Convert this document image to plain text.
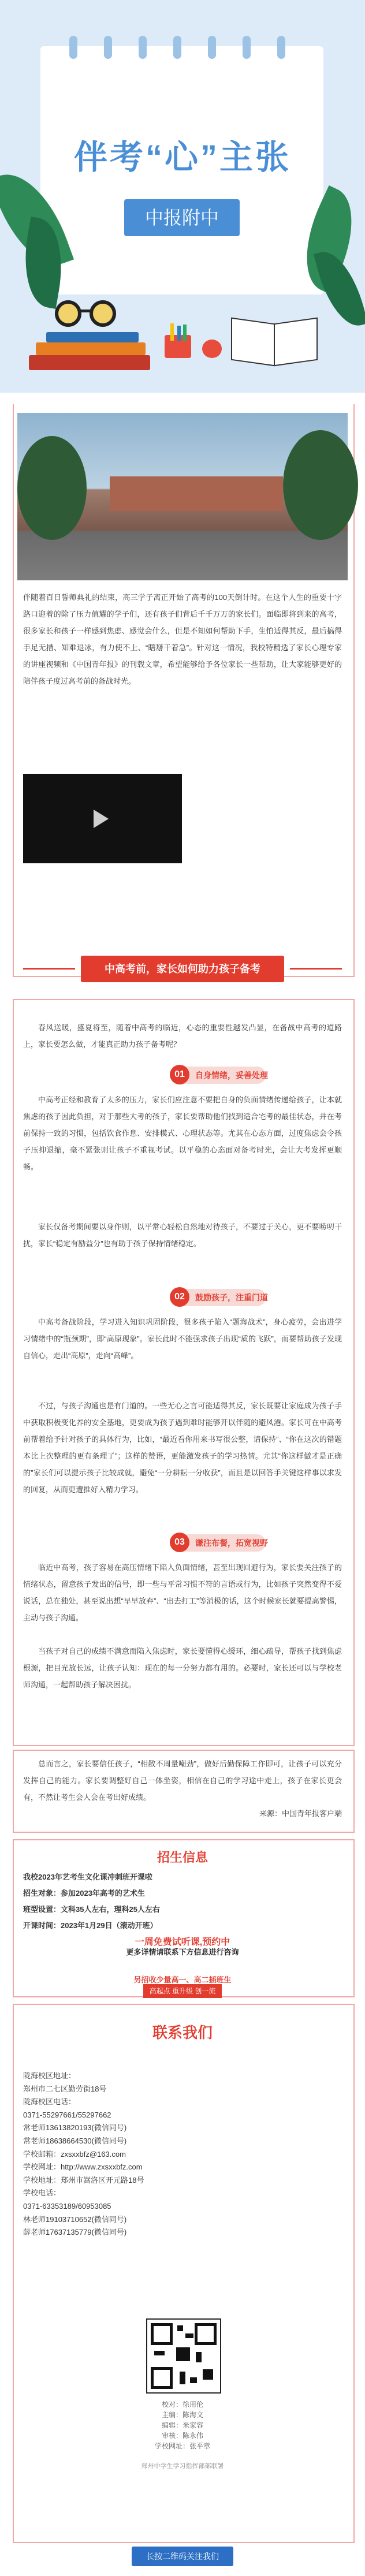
伴考“心”主张
中报附中

伴随着百日誓师典礼的结束，高三学子离正开始了高考的100天倒计时。在这个人生的重要十字路口迎着的除了压力值耀的学子们，还有孩子们背后千千万万的家长们。面临即将到来的高考，很多家长和孩子一样感到焦虑、感觉会什么，但是不知如何帮助下手，生怕适得其反，最后搞得手足无措、知难退冰，有力使不上、“瞎掰干着急”。针对这一情况，我校特精选了家长心理专家的讲座视频和《中国青年报》的刊载文章，希望能够给予各位家长一些帮助，让大家能够更好的陪伴孩子度过高考前的备战时光。

中高考前，家长如何助力孩子备考

春风送暖，盛夏将至，随着中高考的临近，心态的重要性越发凸显，在备战中高考的道路上，家长要怎么做，才能真正助力孩子备考呢？

01	自身情绪，妥善处理

中高考正经和教育了太多的压力，家长们应注意不要把自身的负面情绪传递给孩子，让本就焦虑的孩子因此负担，对于那些大考的孩子，家长要帮助他们找到适合宅考的最佳状态，并在考前保持一致的习惯，包括饮食作息、安排模式、心理状态等。尤其在心态方面，过度焦虑会令孩子压抑退缩，毫不紧张则让孩子不重视考试。以平稳的心态面对备考时光，会让大考发挥更顺畅。

家长仅备考期间要以身作则，以平常心轻松自然地对待孩子，不要过于关心，更不要唠叨干扰，家长“稳定有励益分”也有助于孩子保持情绪稳定。

02	鼓励孩子，注重门道

中高考备战阶段，学习进入知识巩固阶段，很多孩子陷入“题海战术”，身心疲劳，会出进学习情绪中的“瓶颈期”，即“高原现象”。家长此时不能强求孩子出现“质的飞跃”，而要帮助孩子发现自信心，走出“高原”，走向“高峰”。

不过，与孩子沟通也是有门道的。一些无心之言可能适得其反，家长既要让家庭成为孩子手中获取积极变化养的安全基地，更要成为孩子遇到难时能够开以伴随的避风港。家长可在中高考前帮着给予针对孩子的具体行为，比如，“最近看你用来书写很公整，请保持”、“你在这次的错题本比上次整理的更有条理了”；这样的赞语，更能激发孩子的学习热情。尤其“你这样做才是正确的”家长们可以提示孩子比较成就，避免“一分耕耘一分收获”，而且是以回答手关键这样事以求发的回复，从而更遭推好入精力学习。

03	谦注布餐，拓宽视野

临近中高考，孩子容易在高压情绪下陷入负面情绪，甚至出现回避行为，家长要关注孩子的情绪状态，留意孩子发出的信号，即一些与平常习惯不符的言语或行为，比如孩子突然变得不爱说话，总在独处，甚至说出想“早早放弃”、“出去打工”等消极的话，这个时候家长就要提高警惕，主动与孩子沟通。

当孩子对自己的成绩不满意而陷入焦虑时，家长要懂得心缓环，细心疏导，帮孩子找到焦虑根源，把目光放长远，让孩子认知：现在的每一分努力都有用的。必要时，家长还可以与学校老师沟通，一起帮助孩子解决困扰。

总而言之，家长要信任孩子，“相散不周量嘲劲”，做好后勤保障工作即可，让孩子可以充分发挥自己的能力。家长要调整好自己一体坐姿，相信在自己的学习途中走上，孩子在家长更会有，不然让考生会人会在考出好成绩。

来源：中国青年报客户端
招生信息
我校2023年艺考生文化课冲刺班开课啦
招生对象：参加2023年高考的艺术生
班型设置：文科35人左右，理科25人左右
开课时间：2023年1月29日（滚动开班）
一周免费试听课,预约中
更多详情请联系下方信息进行咨询
另招收少量高一、高二插班生
高起点 重升级 创一流
联系我们
陇海校区地址：
郑州市二七区勤劳街18号
陇海校区电话：
0371-55297661/55297662
常老师13613820193(微信同号)
常老师18638664530(微信同号)
学校邮箱：zxsxxbfz@163.com
学校网址：http://www.zxsxxbfz.com
学校地址：郑州市嵩洛区开元路18号
学校电话：
0371-63353189/60953085
林老师19103710652(微信同号)
薛老师17637135779(微信同号)
校对：徐用伦
主编：陈海文
编辑：米家容
审核：陈永伟
学校网址：张平章
郑州中学生学习指挥部部联署
长按二维码关注我们
